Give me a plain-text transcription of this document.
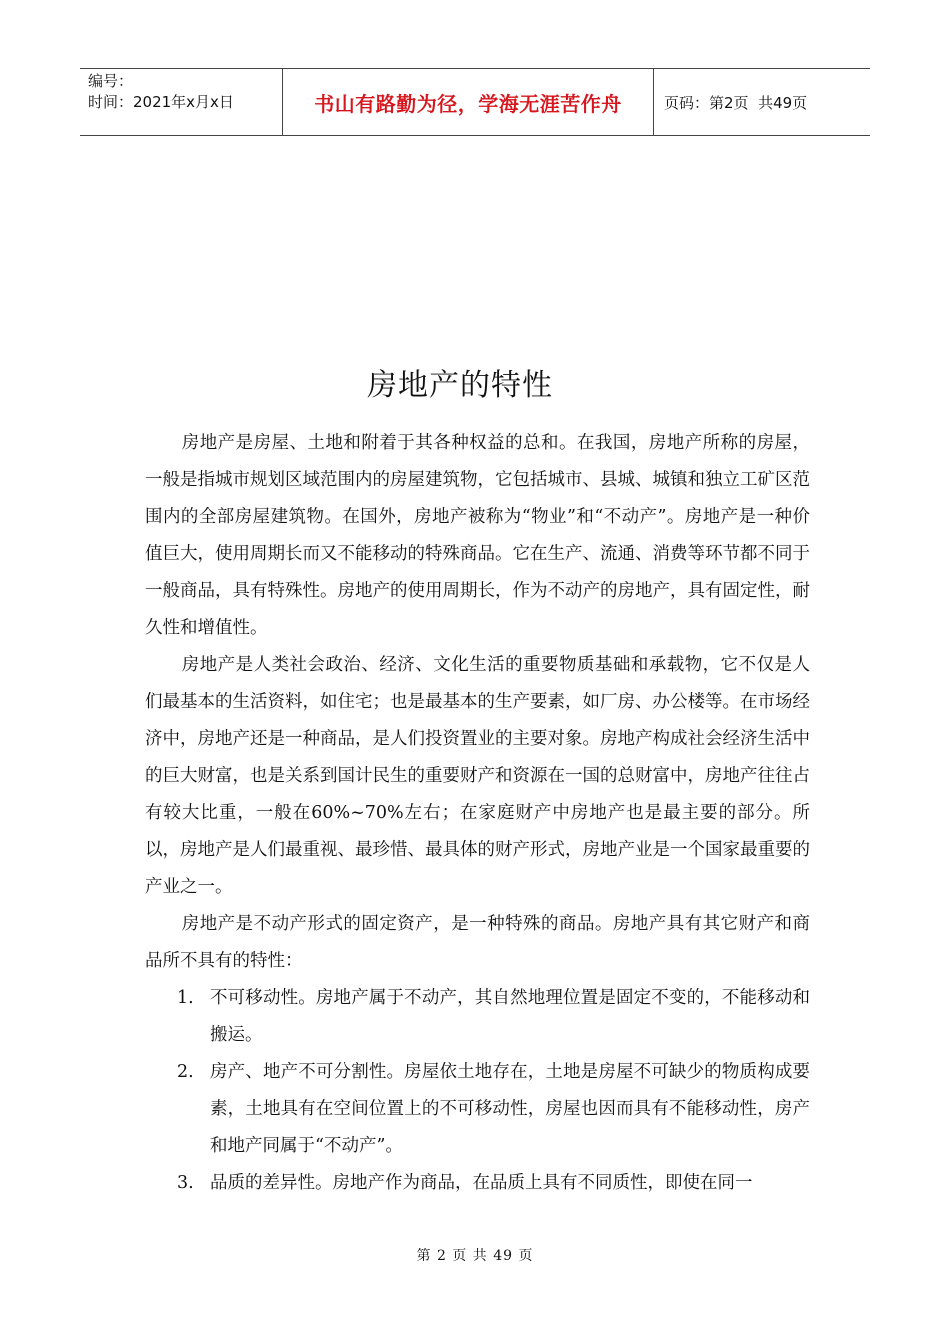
编号：
时间：2021年x月x日	书山有路勤为径，学海无涯苦作舟	页码：第2页  共49页
房地产的特性

房地产是房屋、土地和附着于其各种权益的总和。在我国，房地产所称的房屋，一般是指城市规划区域范围内的房屋建筑物，它包括城市、县城、城镇和独立工矿区范围内的全部房屋建筑物。在国外，房地产被称为“物业”和“不动产”。房地产是一种价值巨大，使用周期长而又不能移动的特殊商品。它在生产、流通、消费等环节都不同于一般商品，具有特殊性。房地产的使用周期长，作为不动产的房地产，具有固定性，耐久性和增值性。

房地产是人类社会政治、经济、文化生活的重要物质基础和承载物，它不仅是人们最基本的生活资料，如住宅；也是最基本的生产要素，如厂房、办公楼等。在市场经济中，房地产还是一种商品，是人们投资置业的主要对象。房地产构成社会经济生活中的巨大财富，也是关系到国计民生的重要财产和资源在一国的总财富中，房地产往往占有较大比重，一般在60%~70%左右；在家庭财产中房地产也是最主要的部分。所以，房地产是人们最重视、最珍惜、最具体的财产形式，房地产业是一个国家最重要的产业之一。

房地产是不动产形式的固定资产，是一种特殊的商品。房地产具有其它财产和商品所不具有的特性：

1. 不可移动性。房地产属于不动产，其自然地理位置是固定不变的，不能移动和搬运。
2. 房产、地产不可分割性。房屋依土地存在，土地是房屋不可缺少的物质构成要素，土地具有在空间位置上的不可移动性，房屋也因而具有不能移动性，房产和地产同属于“不动产”。
3. 品质的差异性。房地产作为商品，在品质上具有不同质性，即使在同一
第 2 页 共 49 页
